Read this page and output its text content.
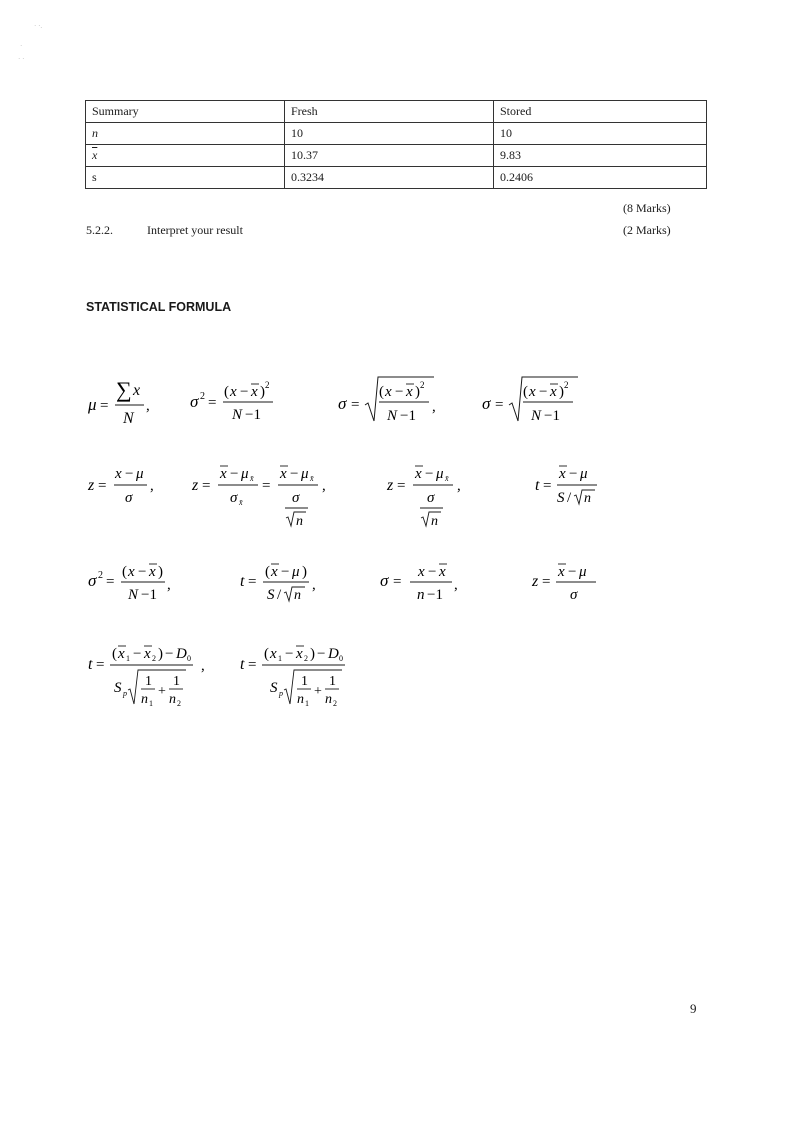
· ·.
·
· ·
Summary	Fresh	Stored
n	10	10
$\overline{x}$	10.37	9.83
s	0.3234	0.2406
(8 Marks)
5.2.2.	Interpret your result	(2 Marks)
STATISTICAL FORMULA
μ =
∑ x
N
, σ 2 =
( x − x ) 2
N −1
σ =
( x − x ) 2
N −1
,	σ =
( x − x ) 2
N −1
z =
x − μ
σ
, z =
x − μ x̄
σ x̄
=
x − μ x̄
σ
n
,	z =
x − μ x̄
σ
n
,	t =
x − μ
S / n
σ 2 =
( x − x )
N −1
,	t =
( x − μ )
S / n
,	σ =
x − x
n −1
,	z =
x − μ
σ
t =
( x 1 − x 2 ) − D 0
S p
1
n 1
+
1
n 2
, t =
( x 1 − x 2 ) − D 0
S p
1
n 1
+
1
n 2
9
